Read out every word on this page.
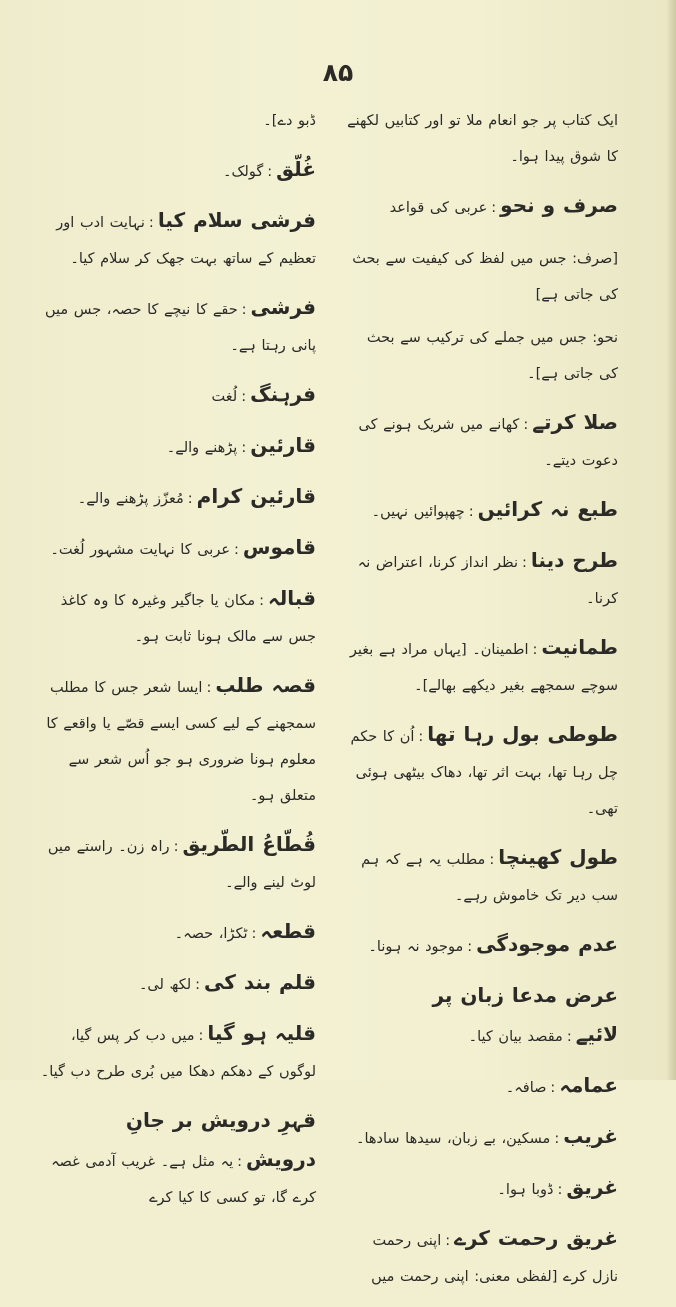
۸۵
ایک کتاب پر جو انعام ملا تو اور کتابیں لکھنے کا شوق پیدا ہوا۔
صرف و نحو:عربی کی قواعد
[صرف: جس میں لفظ کی کیفیت سے بحث کی جاتی ہے]
نحو: جس میں جملے کی ترکیب سے بحث کی جاتی ہے]۔
صلا کرتے:کھانے میں شریک ہونے کی دعوت دیتے۔
طبع نہ کرائیں:چھپوائیں نہیں۔
طرح دینا:نظر انداز کرنا، اعتراض نہ کرنا۔
طمانیت:اطمینان۔ [یہاں مراد ہے بغیر سوچے سمجھے بغیر دیکھے بھالے]۔
طوطی بول رہا تھا:اُن کا حکم چل رہا تھا، بہت اثر تھا، دھاک بیٹھی ہوئی تھی۔
طول کھینچا:مطلب یہ ہے کہ ہم سب دیر تک خاموش رہے۔
عدم موجودگی:موجود نہ ہونا۔
عرض مدعا زبان پر لائیے:مقصد بیان کیا۔
عمامہ:صافہ۔
غریب:مسکین، بے زبان، سیدھا سادھا۔
غریق:ڈوبا ہوا۔
غریق رحمت کرے:اپنی رحمت نازل کرے [لفظی معنی: اپنی رحمت میں
ڈبو دے]۔
غُلّق:گولک۔
فرشی سلام کیا:نہایت ادب اور تعظیم کے ساتھ بہت جھک کر سلام کیا۔
فرشی:حقے کا نیچے کا حصہ، جس میں پانی رہتا ہے۔
فرہنگ:لُغت
قارئین:پڑھنے والے۔
قارئین کرام:مُعزّز پڑھنے والے۔
قاموس:عربی کا نہایت مشہور لُغت۔
قبالہ:مکان یا جاگیر وغیرہ کا وہ کاغذ جس سے مالک ہونا ثابت ہو۔
قصہ طلب:ایسا شعر جس کا مطلب سمجھنے کے لیے کسی ایسے قصّے یا واقعے کا معلوم ہونا ضروری ہو جو اُس شعر سے متعلق ہو۔
قُطّاعُ الطّریق:راہ زن۔ راستے میں لوٹ لینے والے۔
قطعہ:ٹکڑا، حصہ۔
قلم بند کی:لکھ لی۔
قلیہ ہو گیا:میں دب کر پس گیا، لوگوں کے دھکم دھکا میں بُری طرح دب گیا۔
قہرِ درویش بر جانِ درویش:یہ مثل ہے۔ غریب آدمی غصہ کرے گا، تو کسی کا کیا کرے
